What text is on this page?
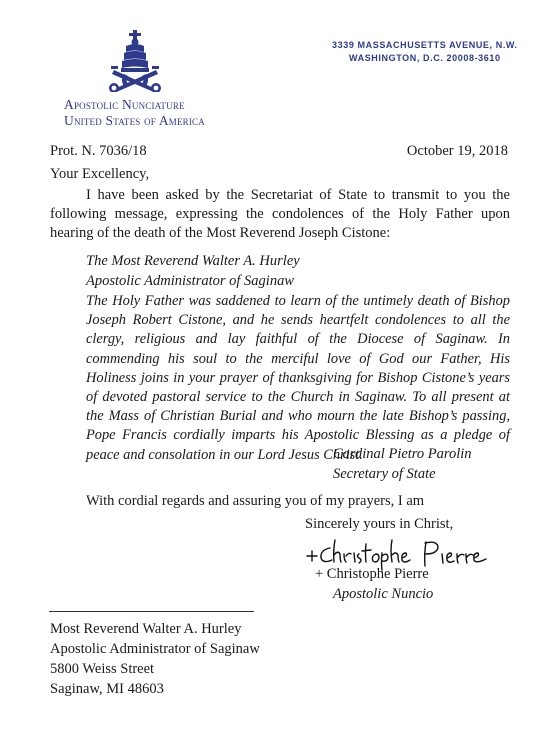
Apostolic Nunciature
United States of America
3339 MASSACHUSETTS AVENUE, N.W.
WASHINGTON, D.C. 20008-3610
Prot. N. 7036/18	October 19, 2018
Your Excellency,
I have been asked by the Secretariat of State to transmit to you the following message, expressing the condolences of the Holy Father upon hearing of the death of the Most Reverend Joseph Cistone:
The Most Reverend Walter A. Hurley
Apostolic Administrator of Saginaw
The Holy Father was saddened to learn of the untimely death of Bishop Joseph Robert Cistone, and he sends heartfelt condolences to all the clergy, religious and lay faithful of the Diocese of Saginaw. In commending his soul to the merciful love of God our Father, His Holiness joins in your prayer of thanksgiving for Bishop Cistone’s years of devoted pastoral service to the Church in Saginaw. To all present at the Mass of Christian Burial and who mourn the late Bishop’s passing, Pope Francis cordially imparts his Apostolic Blessing as a pledge of peace and consolation in our Lord Jesus Christ.
Cardinal Pietro Parolin
Secretary of State
With cordial regards and assuring you of my prayers, I am
Sincerely yours in Christ,
+ Christophe Pierre
Apostolic Nuncio
Most Reverend Walter A. Hurley
Apostolic Administrator of Saginaw
5800 Weiss Street
Saginaw, MI 48603
